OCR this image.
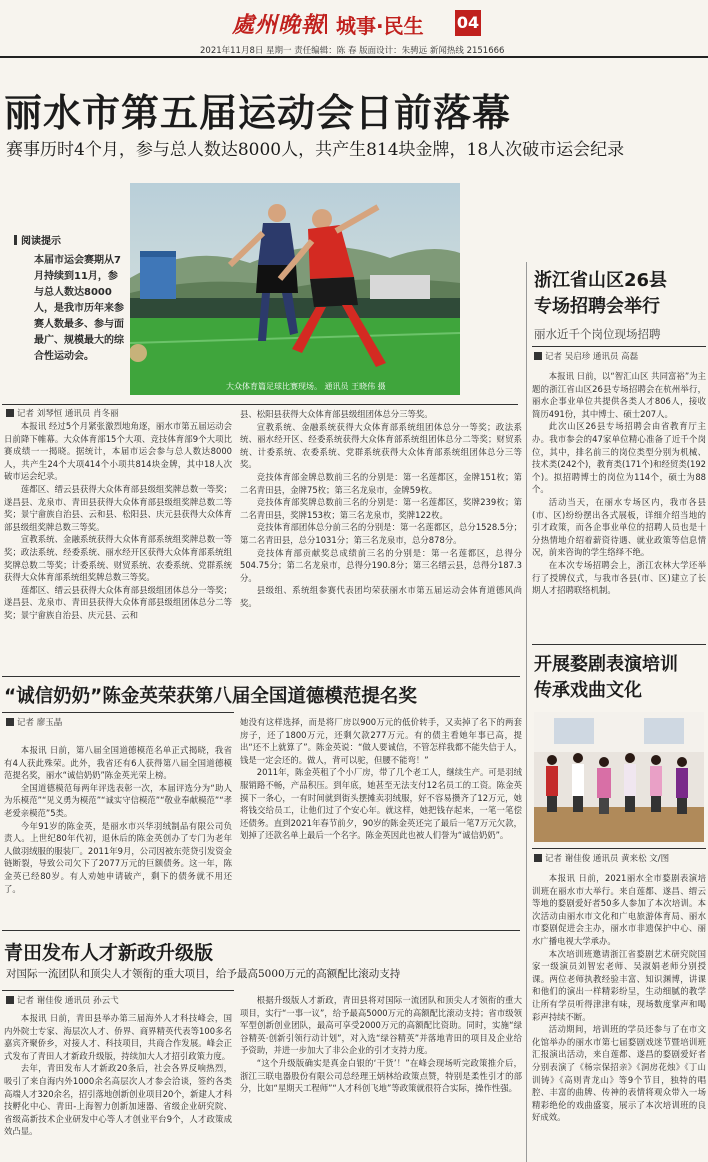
處州晚報 城事·民生 04
2021年11月8日 星期一 责任编辑：陈 春 版面设计：朱骋远 新闻热线 2151666
丽水市第五届运动会日前落幕
赛事历时4个月，参与总人数达8000人，共产生814块金牌，18人次破市运会纪录
阅读提示
本届市运会赛期从7月持续到11月，参与总人数达8000人，是我市历年来参赛人数最多、参与面最广、规模最大的综合性运动会。
大众体育篇足球比赛现场。 通讯员 王晓伟 摄
记者 刘琴恒 通讯员 肖冬丽

本报讯 经过5个月紧张激烈地角逐，丽水市第五届运动会日前降下帷幕。大众体育部15个大项、竞技体育部9个大项比赛成绩一一揭晓。据统计，本届市运会参与总人数达8000人，共产生24个大项414个小项共814块金牌，其中18人次破市运会纪录。

莲都区、缙云县获得大众体育部县级组奖牌总数一等奖；遂昌县、龙泉市、青田县获得大众体育部县级组奖牌总数二等奖；景宁畲族自治县、云和县、松阳县、庆元县获得大众体育部县级组奖牌总数三等奖。

宣教系统、金融系统获得大众体育部系统组奖牌总数一等奖；政法系统、经委系统、丽水经开区获得大众体育部系统组奖牌总数二等奖；计委系统、财贸系统、农委系统、党群系统获得大众体育部系统组奖牌总数三等奖。

莲都区、缙云县获得大众体育部县级组团体总分一等奖；遂昌县、龙泉市、青田县获得大众体育部县级组团体总分二等奖；景宁畲族自治县、庆元县、云和

县、松阳县获得大众体育部县级组团体总分三等奖。

宣教系统、金融系统获得大众体育部系统组团体总分一等奖；政法系统、丽水经开区、经委系统获得大众体育部系统组团体总分二等奖；财贸系统、计委系统、农委系统、党群系统获得大众体育部系统组团体总分三等奖。

竞技体育部金牌总数前三名的分别是：第一名莲都区，金牌151枚；第二名青田县，金牌75枚；第三名龙泉市，金牌59枚。

竞技体育部奖牌总数前三名的分别是：第一名莲都区，奖牌239枚；第二名青田县，奖牌153枚；第三名龙泉市，奖牌122枚。

竞技体育部团体总分前三名的分别是：第一名莲都区，总分1528.5分；第二名青田县，总分1031分；第三名龙泉市，总分878分。

竞技体育部贡献奖总成绩前三名的分别是：第一名莲都区，总得分504.75分；第二名龙泉市，总得分190.8分；第三名缙云县，总得分187.3分。

县级组、系统组参赛代表团均荣获丽水市第五届运动会体育道德风尚奖。

“诚信奶奶”陈金英荣获第八届全国道德模范提名奖
记者 廖玉晶

本报讯 日前，第八届全国道德模范名单正式揭晓，我省有4人获此殊荣。此外，我省还有6人获得第八届全国道德模范提名奖，丽水“诚信奶奶”陈金英光荣上榜。

全国道德模范每两年评选表彰一次，本届评选分为“助人为乐模范”“见义勇为模范”“诚实守信模范”“敬业奉献模范”“孝老爱亲模范”5类。

今年91岁的陈金英，是丽水市兴华羽绒制品有限公司负责人。上世纪80年代初，退休后的陈金英创办了专门为老年人做羽绒服的服装厂。2011年9月，公司因被东莞贷引发资金链断裂，导致公司欠下了2077万元的巨额债务。这一年，陈金英已经80岁。有人劝她申请破产，剩下的债务就不用还了。

她没有这样选择，而是将厂房以900万元的低价转手，又卖掉了名下的两套房子，还了1800万元，还剩欠款277万元。有的债主看她年事已高，提出“还不上就算了”。陈金英说：“做人要诚信，不管怎样我都不能失信于人，钱是一定会还的。做人，背可以驼，但腰不能弯！”

2011年，陈金英租了个小厂房，带了几个老工人，继续生产。可是羽绒服销路不畅，产品积压。到年底，她甚至无法支付12名员工的工资。陈金英摸下一条心，一有时间就到街头摆摊卖羽绒服，好不容易攒齐了12万元，她将钱交给员工，让他们过了个安心年。就这样，她把钱存起来，一笔一笔偿还债务。直到2021年春节前夕，90岁的陈金英还完了最后一笔7万元欠款，划掉了还款名单上最后一个名字。陈金英因此也被人们誉为“诚信奶奶”。

青田发布人才新政升级版
对国际一流团队和顶尖人才领衔的重大项目，给予最高5000万元的高额配比滚动支持
记者 谢佳俊 通讯员 孙云弋

本报讯 日前，青田县举办第三届海外人才科技峰会，国内外院士专家、海层次人才、侨界、商界精英代表等100多名嘉宾齐聚侨乡，对接人才、科技项目，共商合作发展。峰会正式发布了青田人才新政升级版，持续加大人才招引政策力度。

去年，青田发布人才新政20条后，社会各界反响热烈，吸引了来自海内外1000余名高层次人才参会洽谈，签约各类高端人才320余名，招引落地创新创业项目20个，新建人才科技孵化中心、青田-上海智力创新加速器、省级企业研究院、省级高新技术企业研发中心等人才创业平台9个，人才政策成效凸显。

根据升级版人才新政，青田县将对国际一流团队和顶尖人才领衔的重大项目，实行“一事一议”，给予最高5000万元的高额配比滚动支持；省市级领军型创新创业团队，最高可享受2000万元的高额配比资助。同时，实施“绿谷精英·创新引领行动计划”，对入选“绿谷精英”并落地青田的项目及企业给予资助，并进一步加大了非公企业的引才支持力度。

“这个升级版确实是真金白银的‘干货’！”在峰会现场听完政策推介后，浙江三联电器股份有限公司总经理王炳林给政策点赞，特别是柔性引才的部分，比如“星期天工程师”“人才科创飞地”等政策就很符合实际，操作性强。

浙江省山区26县
专场招聘会举行
丽水近千个岗位现场招聘
记者 吴启珍 通讯员 高磊

本报讯 日前，以“智汇山区 共同富裕”为主题的浙江省山区26县专场招聘会在杭州举行，丽水企事业单位共提供各类人才806人，接收简历491份，其中博士、硕士207人。

此次山区26县专场招聘会由省教育厅主办。我市参会的47家单位精心准备了近千个岗位，其中，排名前三的岗位类型分别为机械、技术类(242个)，教育类(171个)和经贸类(192个)。拟招聘博士的岗位为114个，硕士为88个。

活动当天，在丽水专场区内，我市各县(市、区)纷纷摆出各式展板，详细介绍当地的引才政策，而各企事业单位的招聘人员也是十分热情地介绍着薪资待遇、就业政策等信息情况，前来咨询的学生络绎不绝。

在本次专场招聘会上，浙江农林大学还举行了授牌仪式，与我市各县(市、区)建立了长期人才招聘联络机制。

开展婺剧表演培训
传承戏曲文化
记者 谢佳俊 通讯员 黄来松 文/图

本报讯 日前，2021丽水全市婺剧表演培训班在丽水市大举行。来自莲都、遂昌、缙云等地的婺剧爱好者50多人参加了本次培训。本次活动由丽水市文化和广电旅游体育局、丽水市婺剧促进会主办，丽水市非遗保护中心、丽水广播电视大学承办。

本次培训班邀请浙江省婺剧艺术研究院国家一级演员刘智宏老师、吴淑娟老师分别授课。两位老师执教经验丰富、知识渊博，讲课和他们的演出一样精彩纷呈，生动细腻的教学让所有学员听得津津有味，现场数度掌声和喝彩声持续不断。

活动期间，培训班的学员还参与了在市文化馆举办的丽水市第七届婺剧戏迷节暨培训班汇报演出活动，来自莲都、遂昌的婺剧爱好者分别表演了《杨宗保招亲》《洞房花烛》《丁山训铸》《高则青龙山》等9个节目，独特的唱腔、丰富的曲牌、传神的表情将观众带入一场精彩绝伦的戏曲盛宴，展示了本次培训班的良好成效。
